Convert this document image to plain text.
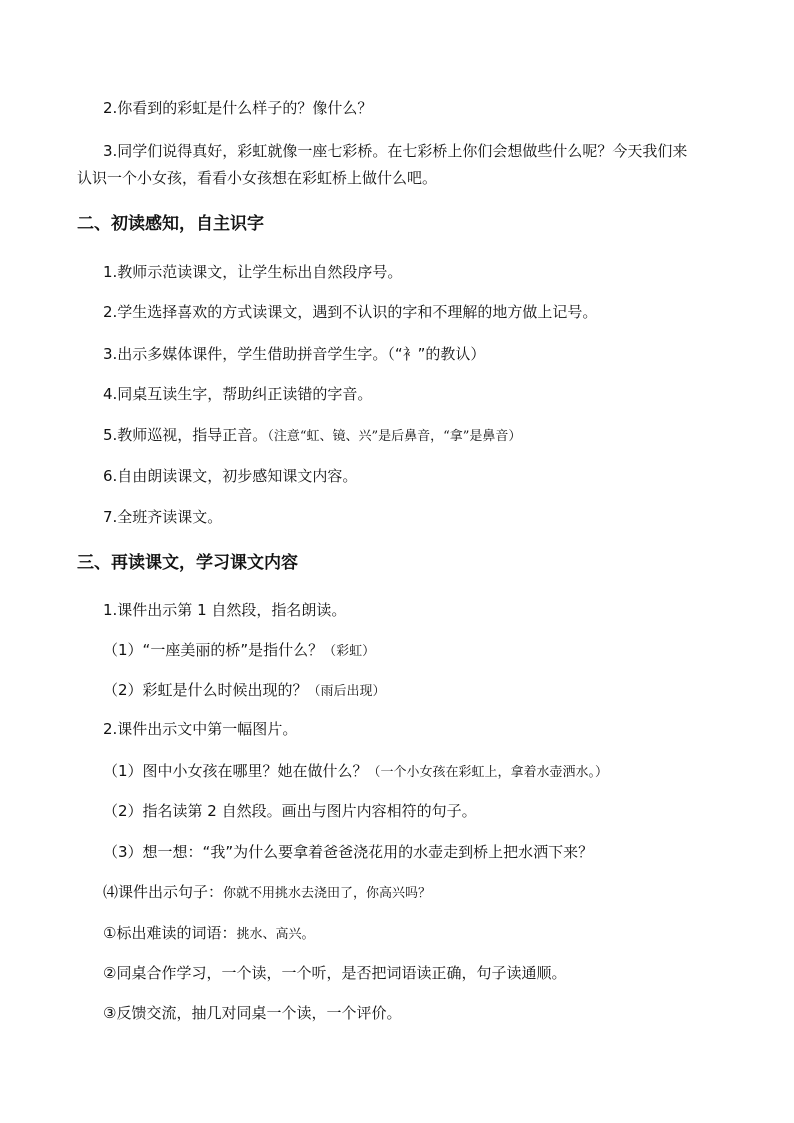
2.你看到的彩虹是什么样子的？像什么？
3.同学们说得真好，彩虹就像一座七彩桥。在七彩桥上你们会想做些什么呢？今天我们来
认识一个小女孩，看看小女孩想在彩虹桥上做什么吧。
二、初读感知，自主识字
1.教师示范读课文，让学生标出自然段序号。
2.学生选择喜欢的方式读课文，遇到不认识的字和不理解的地方做上记号。
3.出示多媒体课件，学生借助拼音学生字。（“衤”的教认）
4.同桌互读生字，帮助纠正读错的字音。
5.教师巡视，指导正音。（注意“虹、镜、兴”是后鼻音，“拿”是鼻音）
6.自由朗读课文，初步感知课文内容。
7.全班齐读课文。
三、再读课文，学习课文内容
1.课件出示第 1 自然段，指名朗读。
（1）“一座美丽的桥”是指什么？（彩虹）
（2）彩虹是什么时候出现的？（雨后出现）
2.课件出示文中第一幅图片。
（1）图中小女孩在哪里？她在做什么？（一个小女孩在彩虹上，拿着水壶洒水。）
（2）指名读第 2 自然段。画出与图片内容相符的句子。
（3）想一想：“我”为什么要拿着爸爸浇花用的水壶走到桥上把水洒下来？
⑷课件出示句子：你就不用挑水去浇田了，你高兴吗？
①标出难读的词语：挑水、高兴。
②同桌合作学习，一个读，一个听，是否把词语读正确，句子读通顺。
③反馈交流，抽几对同桌一个读，一个评价。
